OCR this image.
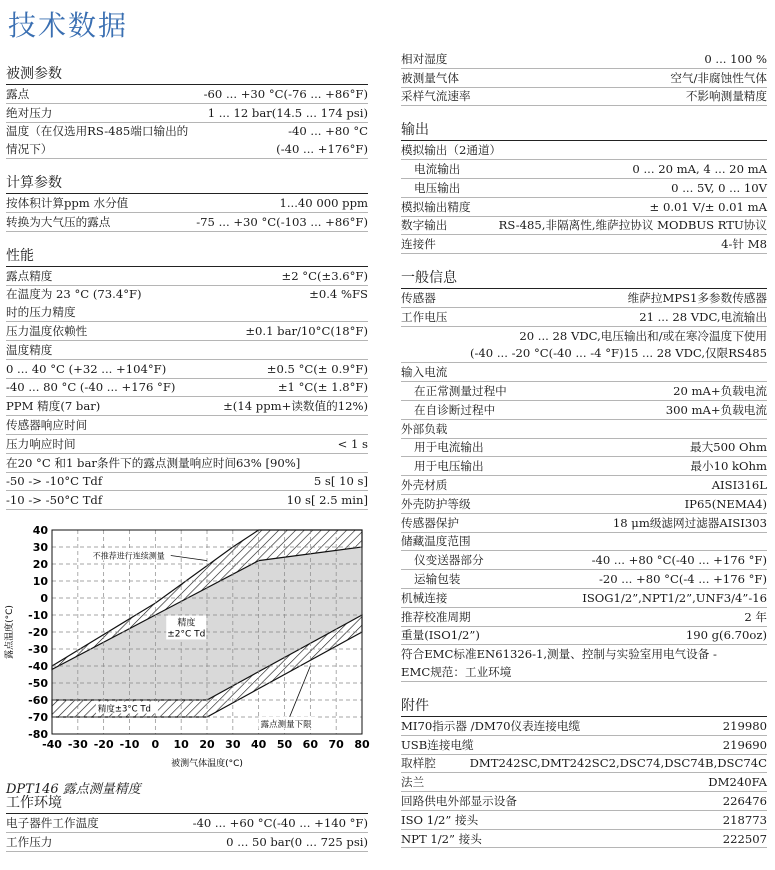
技术数据
被测参数
露点	-60 ... +30 °C(-76 ... +86°F)
绝对压力	1 ... 12 bar(14.5 ... 174 psi)
温度（在仅选用RS-485端口输出的	-40 ... +80 °C
情况下）	(-40 ... +176°F)
计算参数
按体积计算ppm 水分值	1...40 000 ppm
转换为大气压的露点	-75 ... +30 °C(-103 ... +86°F)
性能
露点精度	±2 °C(±3.6°F)
在温度为 23 °C (73.4°F)	±0.4 %FS
时的压力精度
压力温度依赖性	±0.1 bar/10°C(18°F)
温度精度
0 ... 40 °C (+32 ... +104°F)	±0.5 °C(± 0.9°F)
-40 ... 80 °C (-40 ... +176 °F)	±1 °C(± 1.8°F)
PPM 精度(7 bar)	±(14 ppm+读数值的12%)
传感器响应时间
压力响应时间	< 1 s
在20 °C 和1 bar条件下的露点测量响应时间63% [90%]
-50 -> -10°C Tdf	5 s[ 10 s]
-10 -> -50°C Tdf	10 s[ 2.5 min]
-40 -30 -20 -10 0 10 20 30 40 50 60 70 80
40
30
20
10
0
-10
-20
-30
-40
-50
-60
-70
-80
被测气体温度(°C)
露点温度(°C)
不推荐进行连续测量
精度
±2°C Td
精度±3°C Td
露点测量下限
DPT146 露点测量精度
工作环境
电子器件工作温度	-40 ... +60 °C(-40 ... +140 °F)
工作压力	0 ... 50 bar(0 ... 725 psi)
相对湿度	0 ... 100 %
被测量气体	空气/非腐蚀性气体
采样气流速率	不影响测量精度
输出
模拟输出（2通道）
电流输出	0 ... 20 mA, 4 ... 20 mA
电压输出	0 ... 5V, 0 ... 10V
模拟输出精度	± 0.01 V/± 0.01 mA
数字输出	RS-485,非隔离性,维萨拉协议 MODBUS RTU协议
连接件	4-针 M8
一般信息
传感器	维萨拉MPS1多参数传感器
工作电压	21 ... 28 VDC,电流输出
20 ... 28 VDC,电压输出和/或在寒冷温度下使用
(-40 ... -20 °C(-40 ... -4 °F)15 ... 28 VDC,仅限RS485
输入电流
在正常测量过程中	20 mA+负载电流
在自诊断过程中	300 mA+负载电流
外部负载
用于电流输出	最大500 Ohm
用于电压输出	最小10 kOhm
外壳材质	AISI316L
外壳防护等级	IP65(NEMA4)
传感器保护	18 μm级滤网过滤器AISI303
储藏温度范围
仪变送器部分	-40 ... +80 °C(-40 ... +176 °F)
运输包装	-20 ... +80 °C(-4 ... +176 °F)
机械连接	ISOG1/2”,NPT1/2”,UNF3/4”-16
推荐校准周期	2 年
重量(ISO1/2”)	190 g(6.70oz)
符合EMC标准EN61326-1,测量、控制与实验室用电气设备 -
EMC规范：工业环境
附件
MI70指示器 /DM70仪表连接电缆	219980
USB连接电缆	219690
取样腔	DMT242SC,DMT242SC2,DSC74,DSC74B,DSC74C
法兰	DM240FA
回路供电外部显示设备	226476
ISO 1/2” 接头	218773
NPT 1/2” 接头	222507
